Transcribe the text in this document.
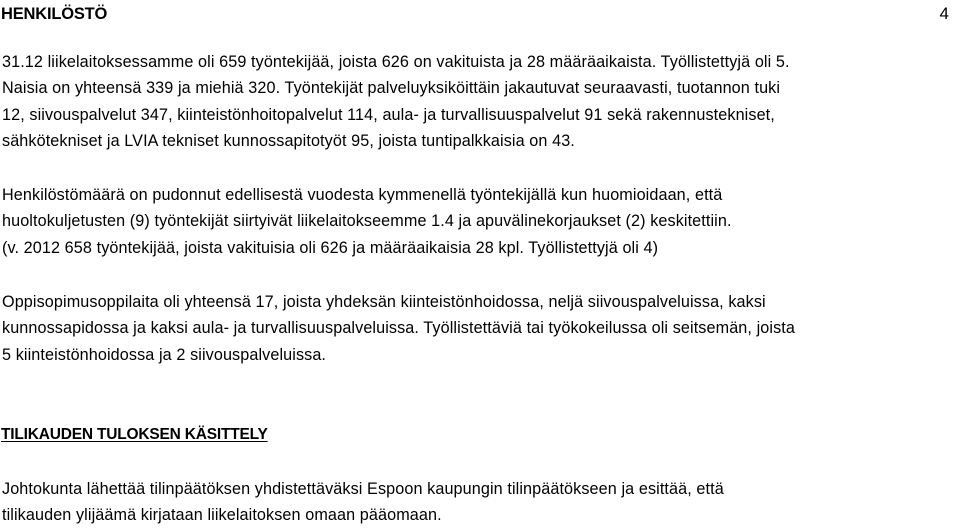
HENKILÖSTÖ	4

31.12 liikelaitoksessamme oli 659 työntekijää, joista 626 on vakituista ja 28 määräaikaista. Työllistettyjä oli 5.
Naisia on yhteensä 339 ja miehiä 320. Työntekijät palveluyksiköittäin jakautuvat seuraavasti, tuotannon tuki
12, siivouspalvelut 347, kiinteistönhoitopalvelut 114, aula- ja turvallisuuspalvelut 91 sekä rakennustekniset,
sähkötekniset ja LVIA tekniset kunnossapitotyöt 95, joista tuntipalkkaisia on 43.

Henkilöstömäärä on pudonnut edellisestä vuodesta kymmenellä työntekijällä kun huomioidaan, että
huoltokuljetusten (9) työntekijät siirtyivät liikelaitokseemme 1.4 ja apuvälinekorjaukset (2) keskitettiin.
(v. 2012 658 työntekijää, joista vakituisia oli 626 ja määräaikaisia 28 kpl. Työllistettyjä oli 4)

Oppisopimusoppilaita oli yhteensä 17, joista yhdeksän kiinteistönhoidossa, neljä siivouspalveluissa, kaksi
kunnossapidossa ja kaksi aula- ja turvallisuuspalveluissa. Työllistettäviä tai työkokeilussa oli seitsemän, joista
5 kiinteistönhoidossa ja 2 siivouspalveluissa.

TILIKAUDEN TULOKSEN KÄSITTELY

Johtokunta lähettää tilinpäätöksen yhdistettäväksi Espoon kaupungin tilinpäätökseen ja esittää, että
tilikauden ylijäämä kirjataan liikelaitoksen omaan pääomaan.
